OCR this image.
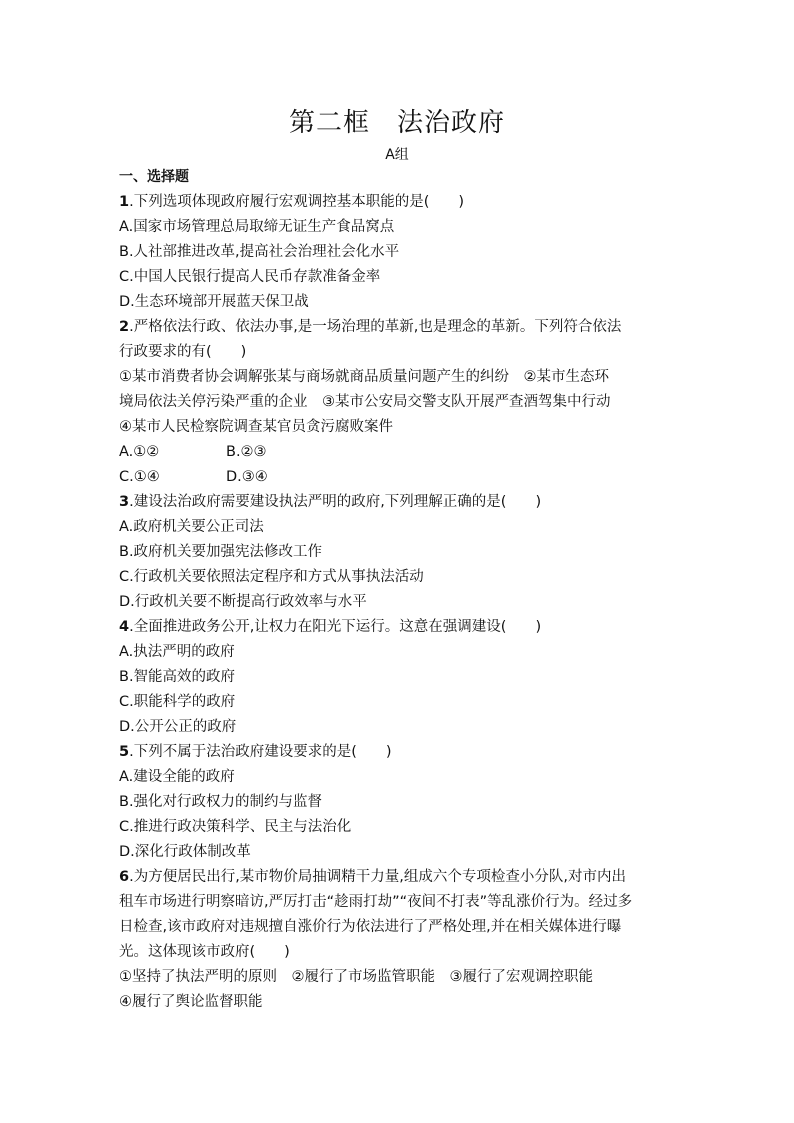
第二框　法治政府
A组
一、选择题
1.下列选项体现政府履行宏观调控基本职能的是(　　)
A.国家市场管理总局取缔无证生产食品窝点
B.人社部推进改革,提高社会治理社会化水平
C.中国人民银行提高人民币存款准备金率
D.生态环境部开展蓝天保卫战
2.严格依法行政、依法办事,是一场治理的革新,也是理念的革新。下列符合依法
行政要求的有(　　)
①某市消费者协会调解张某与商场就商品质量问题产生的纠纷　②某市生态环
境局依法关停污染严重的企业　③某市公安局交警支队开展严查酒驾集中行动
④某市人民检察院调查某官员贪污腐败案件
A.①②	B.②③
C.①④	D.③④
3.建设法治政府需要建设执法严明的政府,下列理解正确的是(　　)
A.政府机关要公正司法
B.政府机关要加强宪法修改工作
C.行政机关要依照法定程序和方式从事执法活动
D.行政机关要不断提高行政效率与水平
4.全面推进政务公开,让权力在阳光下运行。这意在强调建设(　　)
A.执法严明的政府
B.智能高效的政府
C.职能科学的政府
D.公开公正的政府
5.下列不属于法治政府建设要求的是(　　)
A.建设全能的政府
B.强化对行政权力的制约与监督
C.推进行政决策科学、民主与法治化
D.深化行政体制改革
6.为方便居民出行,某市物价局抽调精干力量,组成六个专项检查小分队,对市内出
租车市场进行明察暗访,严厉打击“趁雨打劫”“夜间不打表”等乱涨价行为。经过多
日检查,该市政府对违规擅自涨价行为依法进行了严格处理,并在相关媒体进行曝
光。这体现该市政府(　　)
①坚持了执法严明的原则　②履行了市场监管职能　③履行了宏观调控职能
④履行了舆论监督职能
